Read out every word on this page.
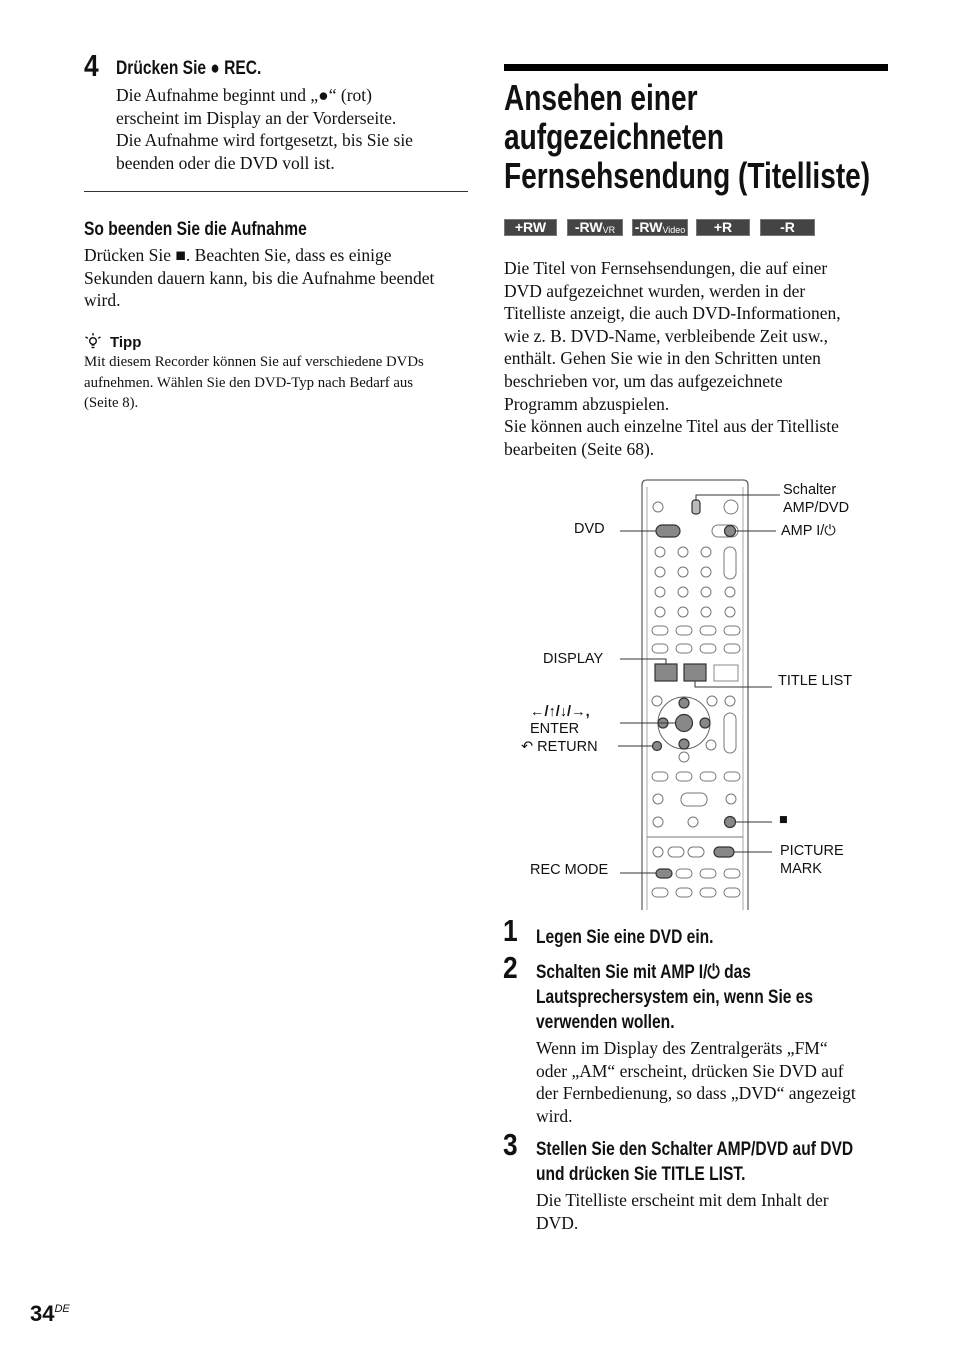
4 Drücken Sie ● REC.
Die Aufnahme beginnt und „●“ (rot)
erscheint im Display an der Vorderseite.
Die Aufnahme wird fortgesetzt, bis Sie sie
beenden oder die DVD voll ist.
So beenden Sie die Aufnahme
Drücken Sie ■. Beachten Sie, dass es einige
Sekunden dauern kann, bis die Aufnahme beendet
wird.
Tipp
Mit diesem Recorder können Sie auf verschiedene DVDs
aufnehmen. Wählen Sie den DVD-Typ nach Bedarf aus
(Seite 8).
Ansehen einer
aufgezeichneten
Fernsehsendung (Titelliste)
+RW	$-RW_{VR}$	$-RW_{Video}$	+R	-R
Die Titel von Fernsehsendungen, die auf einer
DVD aufgezeichnet wurden, werden in der
Titelliste anzeigt, die auch DVD-Informationen,
wie z. B. DVD-Name, verbleibende Zeit usw.,
enthält. Gehen Sie wie in den Schritten unten
beschrieben vor, um das aufgezeichnete
Programm abzuspielen.
Sie können auch einzelne Titel aus der Titelliste
bearbeiten (Seite 68).
Schalter
AMP/DVD
DVD	AMP I/⏻
DISPLAY
TITLE LIST
←/↑/↓/→,
ENTER
↶ RETURN
■
PICTURE
MARK
REC MODE
1 Legen Sie eine DVD ein.
2 Schalten Sie mit AMP I/⏻ das
Lautsprechersystem ein, wenn Sie es
verwenden wollen.
Wenn im Display des Zentralgeräts „FM“
oder „AM“ erscheint, drücken Sie DVD auf
der Fernbedienung, so dass „DVD“ angezeigt
wird.
3 Stellen Sie den Schalter AMP/DVD auf DVD
und drücken Sie TITLE LIST.
Die Titelliste erscheint mit dem Inhalt der
DVD.
34DE
